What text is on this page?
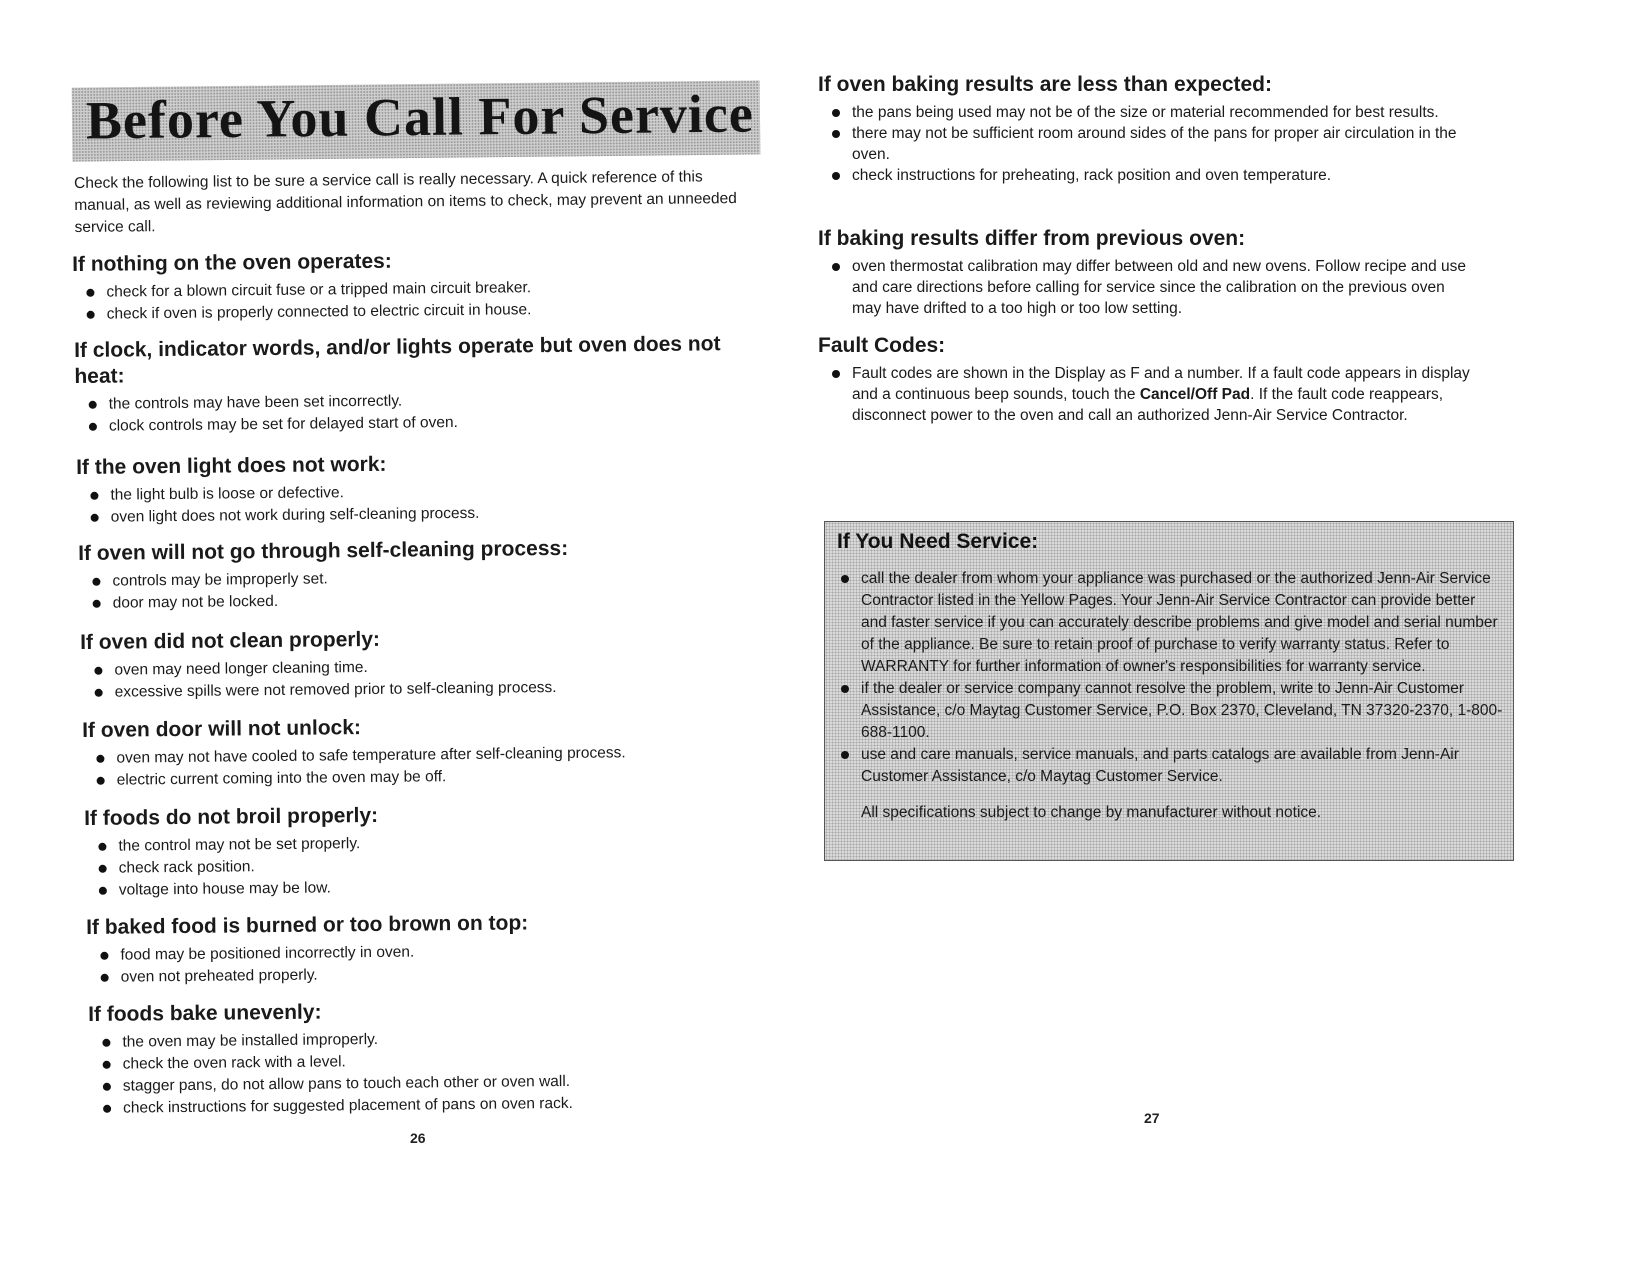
Before You Call For Service

Check the following list to be sure a service call is really necessary. A quick reference of this manual, as well as reviewing additional information on items to check, may prevent an unneeded service call.

If nothing on the oven operates:
check for a blown circuit fuse or a tripped main circuit breaker.
check if oven is properly connected to electric circuit in house.
If clock, indicator words, and/or lights operate but oven does not heat:
the controls may have been set incorrectly.
clock controls may be set for delayed start of oven.
If the oven light does not work:
the light bulb is loose or defective.
oven light does not work during self-cleaning process.
If oven will not go through self-cleaning process:
controls may be improperly set.
door may not be locked.
If oven did not clean properly:
oven may need longer cleaning time.
excessive spills were not removed prior to self-cleaning process.
If oven door will not unlock:
oven may not have cooled to safe temperature after self-cleaning process.
electric current coming into the oven may be off.
If foods do not broil properly:
the control may not be set properly.
check rack position.
voltage into house may be low.
If baked food is burned or too brown on top:
food may be positioned incorrectly in oven.
oven not preheated properly.
If foods bake unevenly:
the oven may be installed improperly.
check the oven rack with a level.
stagger pans, do not allow pans to touch each other or oven wall.
check instructions for suggested placement of pans on oven rack.
26
If oven baking results are less than expected:
the pans being used may not be of the size or material recommended for best results.
there may not be sufficient room around sides of the pans for proper air circulation in the oven.
check instructions for preheating, rack position and oven temperature.
If baking results differ from previous oven:
oven thermostat calibration may differ between old and new ovens. Follow recipe and use and care directions before calling for service since the calibration on the previous oven may have drifted to a too high or too low setting.
Fault Codes:
Fault codes are shown in the Display as F and a number. If a fault code appears in display and a continuous beep sounds, touch the Cancel/Off Pad. If the fault code reappears, disconnect power to the oven and call an authorized Jenn-Air Service Contractor.
If You Need Service:
call the dealer from whom your appliance was purchased or the authorized Jenn-Air Service Contractor listed in the Yellow Pages. Your Jenn-Air Service Contractor can provide better and faster service if you can accurately describe problems and give model and serial number of the appliance. Be sure to retain proof of purchase to verify warranty status. Refer to WARRANTY for further information of owner's responsibilities for warranty service.
if the dealer or service company cannot resolve the problem, write to Jenn-Air Customer Assistance, c/o Maytag Customer Service, P.O. Box 2370, Cleveland, TN 37320-2370, 1-800-688-1100.
use and care manuals, service manuals, and parts catalogs are available from Jenn-Air Customer Assistance, c/o Maytag Customer Service.
All specifications subject to change by manufacturer without notice.
27
